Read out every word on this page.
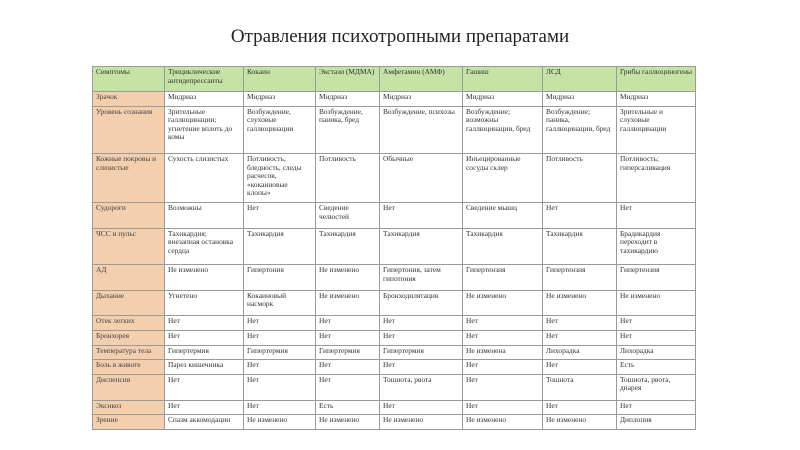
Отравления психотропными препаратами
Симптомы	Трициклические антидепрессанты	Кокаин	Экстази (МДМА)	Амфетамин (АМФ)	Гашиш	ЛСД	Грибы галлюциногены
Зрачок	Мидриаз	Мидриаз	Мидриаз	Мидриаз	Мидриаз	Мидриаз	Мидриаз
Уровень сознания	Зрительные галлюцинации; угнетение вплоть до комы	Возбуждение, слуховые галлюцинации	Возбуждение, паника, бред	Возбуждение, психозы	Возбуждение; возможны галлюцинации, бред	Возбуждение; паника, галлюцинации, бред	Зрительные и слуховые галлюцинации
Кожные покровы и слизистые	Сухость слизистых	Потливость, бледность, следы расчесов, «кокаиновые клопы»	Потливость	Обычные	Инъецированные сосуды склер	Потливость	Потливость; гиперсаливация
Судороги	Возможны	Нет	Сведение челюстей	Нет	Сведение мышц	Нет	Нет
ЧСС и пульс	Тахикардия; внезапная остановка сердца	Тахикардия	Тахикардия	Тахикардия	Тахикардия	Тахикардия	Брадикардия переходит в тахикардию
АД	Не изменено	Гипертония	Не изменено	Гипертония, затем гипотония	Гипертензия	Гипертензия	Гипертензия
Дыхание	Угнетено	Кокаиновый насморк	Не изменено	Бронходилятация	Не изменено	Не изменено	Не изменено
Отек легких	Нет	Нет	Нет	Нет	Нет	Нет	Нет
Бронхорея	Нет	Нет	Нет	Нет	Нет	Нет	Нет
Температура тела	Гипертермия	Гипертермия	Гипертермия	Гипертермия	Не изменена	Лихорадка	Лихорадка
Боль в животе	Парез кишечника	Нет	Нет	Нет	Нет	Нет	Есть
Диспепсия	Нет	Нет	Нет	Тошнота, рвота	Нет	Тошнота	Тошнота, рвота, диарея
Эксикоз	Нет	Нет	Есть	Нет	Нет	Нет	Нет
Зрение	Спазм аккомодации	Не изменено	Не изменено	Не изменено	Не изменено	Не изменено	Диплопия
